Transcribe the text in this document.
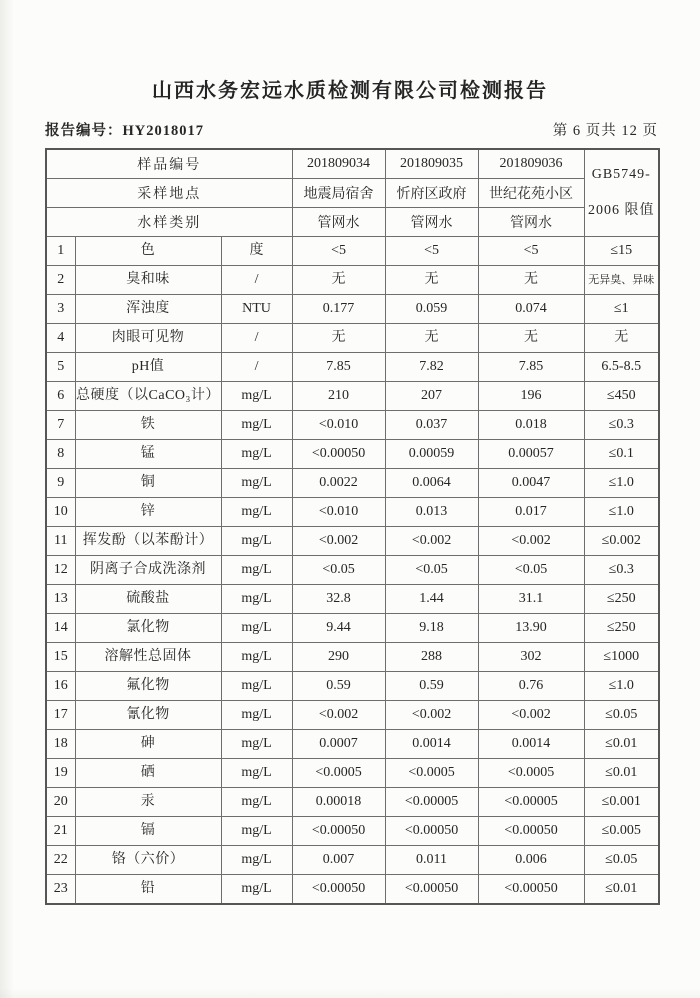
山西水务宏远水质检测有限公司检测报告
报告编号：HY2018017	第 6 页共 12 页
样品编号			201809034	201809035	201809036	GB5749-
2006 限值

采样地点			地震局宿舍	忻府区政府	世纪花苑小区	
水样类别			管网水	管网水	管网水	
1	色	度	<5	<5	<5	≤15
2	臭和味	/	无	无	无	无异臭、异味
3	浑浊度	NTU	0.177	0.059	0.074	≤1
4	肉眼可见物	/	无	无	无	无
5	pH值	/	7.85	7.82	7.85	6.5-8.5
6	总硬度（以CaCO₃计）	mg/L	210	207	196	≤450
7	铁	mg/L	<0.010	0.037	0.018	≤0.3
8	锰	mg/L	<0.00050	0.00059	0.00057	≤0.1
9	铜	mg/L	0.0022	0.0064	0.0047	≤1.0
10	锌	mg/L	<0.010	0.013	0.017	≤1.0
11	挥发酚（以苯酚计）	mg/L	<0.002	<0.002	<0.002	≤0.002
12	阴离子合成洗涤剂	mg/L	<0.05	<0.05	<0.05	≤0.3
13	硫酸盐	mg/L	32.8	1.44	31.1	≤250
14	氯化物	mg/L	9.44	9.18	13.90	≤250
15	溶解性总固体	mg/L	290	288	302	≤1000
16	氟化物	mg/L	0.59	0.59	0.76	≤1.0
17	氰化物	mg/L	<0.002	<0.002	<0.002	≤0.05
18	砷	mg/L	0.0007	0.0014	0.0014	≤0.01
19	硒	mg/L	<0.0005	<0.0005	<0.0005	≤0.01
20	汞	mg/L	0.00018	<0.00005	<0.00005	≤0.001
21	镉	mg/L	<0.00050	<0.00050	<0.00050	≤0.005
22	铬（六价）	mg/L	0.007	0.011	0.006	≤0.05
23	铅	mg/L	<0.00050	<0.00050	<0.00050	≤0.01
